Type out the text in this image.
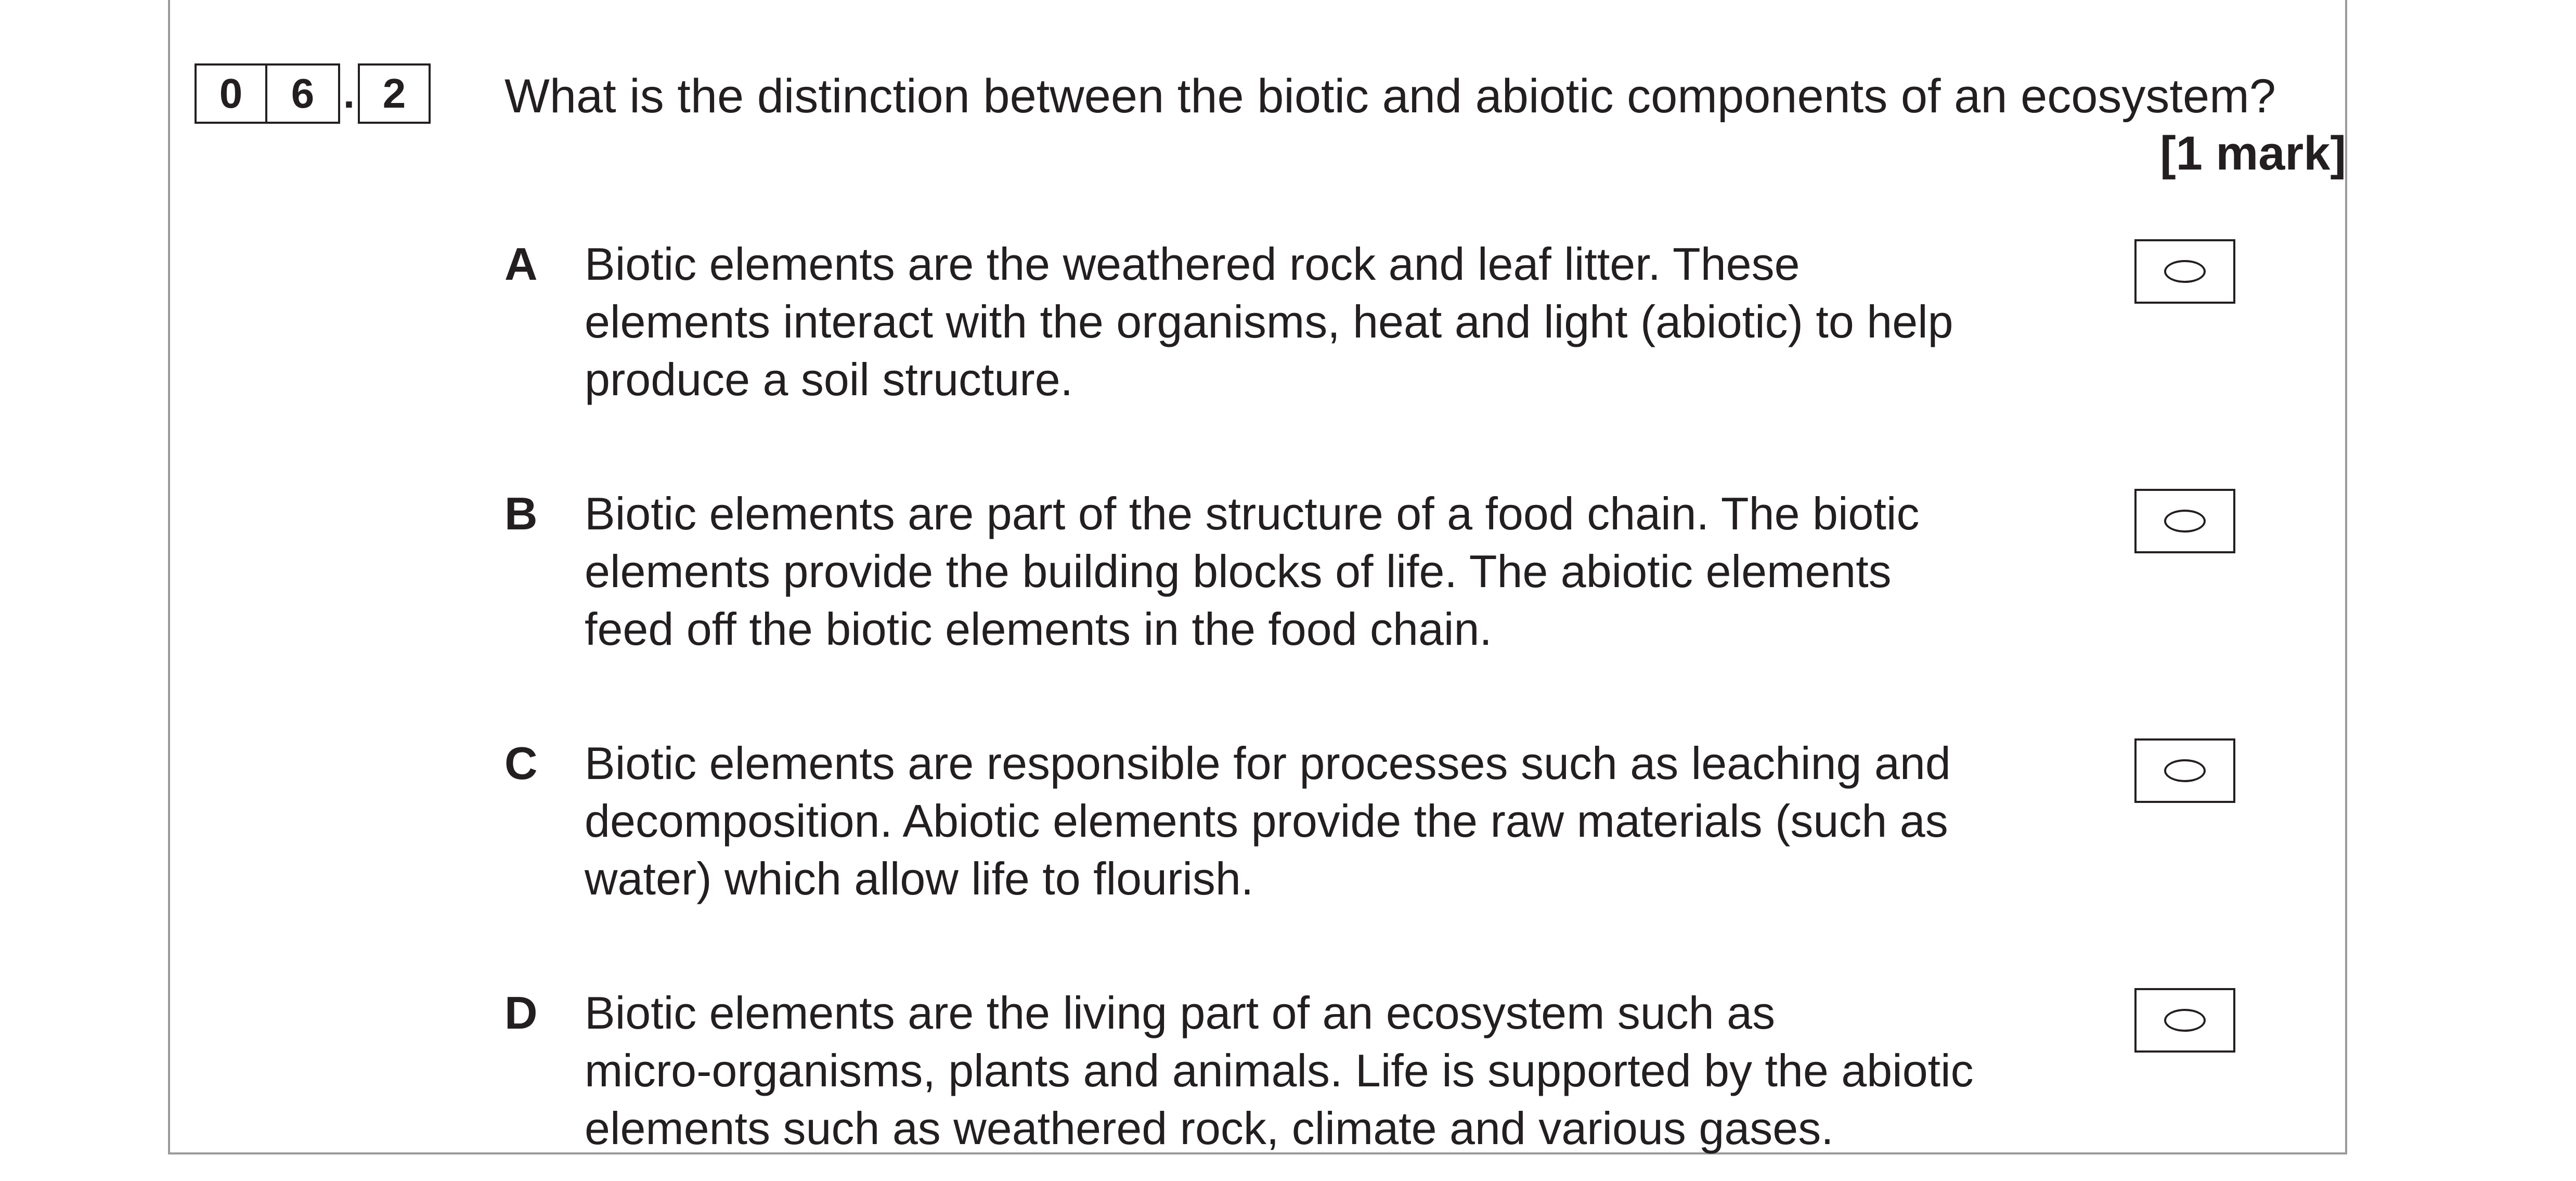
0	6 . 2	What is the distinction between the biotic and abiotic components of an ecosystem?
[1 mark]
A Biotic elements are the weathered rock and leaf litter. These
elements interact with the organisms, heat and light (abiotic) to help
produce a soil structure.
B Biotic elements are part of the structure of a food chain. The biotic
elements provide the building blocks of life. The abiotic elements
feed off the biotic elements in the food chain.
C Biotic elements are responsible for processes such as leaching and
decomposition. Abiotic elements provide the raw materials (such as
water) which allow life to flourish.
D Biotic elements are the living part of an ecosystem such as
micro-organisms, plants and animals. Life is supported by the abiotic
elements such as weathered rock, climate and various gases.
